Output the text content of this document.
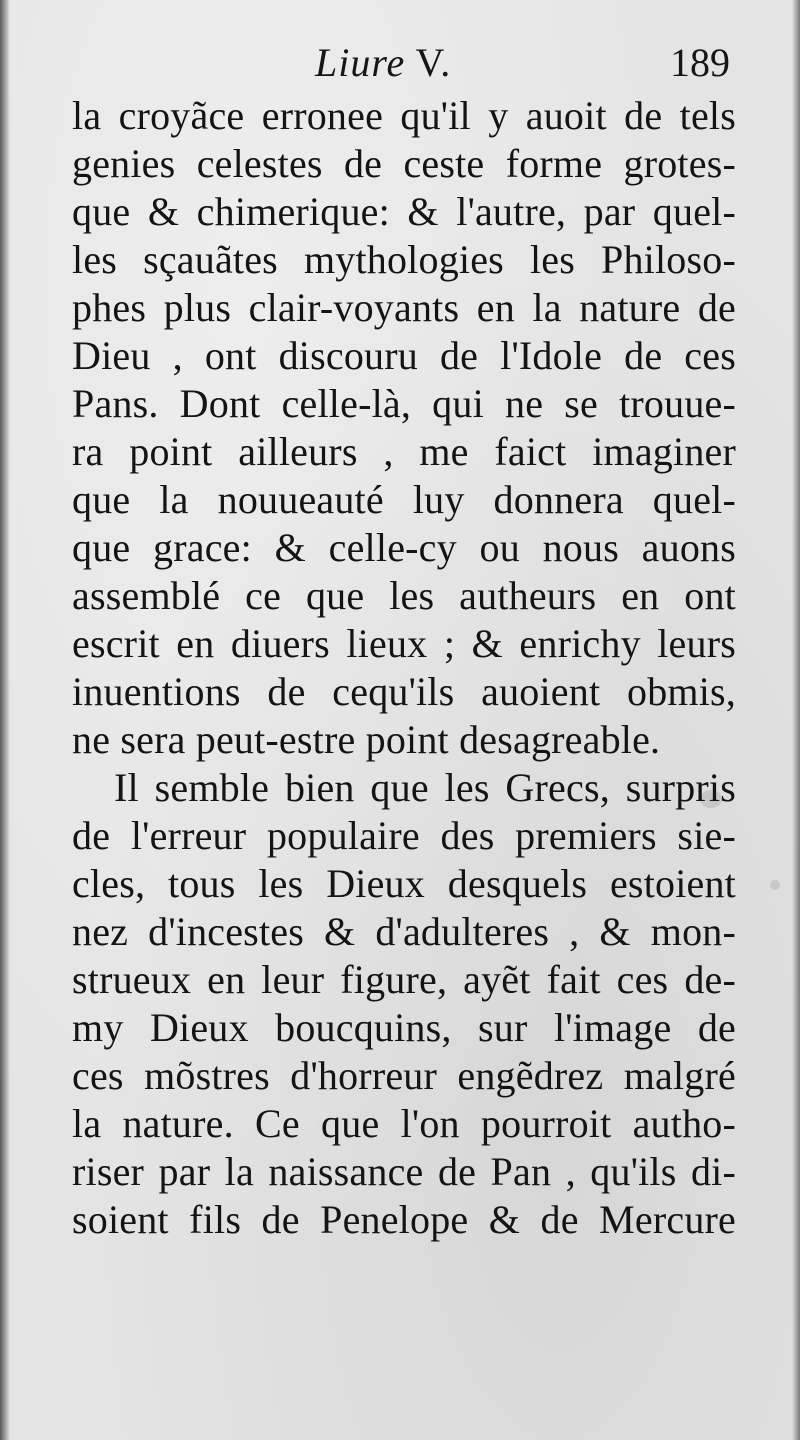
Liure V.	189
la croyãce erronee qu'il y auoit de tels
genies celestes de ceste forme grotes-
que & chimerique: & l'autre, par quel-
les sçauãtes mythologies les Philoso-
phes plus clair-voyants en la nature de
Dieu , ont discouru de l'Idole de ces
Pans. Dont celle-là, qui ne se trouue-
ra point ailleurs , me faict imaginer
que la nouueauté luy donnera quel-
que grace: & celle-cy ou nous auons
assemblé ce que les autheurs en ont
escrit en diuers lieux ; & enrichy leurs
inuentions de cequ'ils auoient obmis,
ne sera peut-estre point desagreable.
Il semble bien que les Grecs, surpris
de l'erreur populaire des premiers sie-
cles, tous les Dieux desquels estoient
nez d'incestes & d'adulteres , & mon-
strueux en leur figure, ayẽt fait ces de-
my Dieux boucquins, sur l'image de
ces mõstres d'horreur engẽdrez malgré
la nature. Ce que l'on pourroit autho-
riser par la naissance de Pan , qu'ils di-
soient fils de Penelope & de Mercure
